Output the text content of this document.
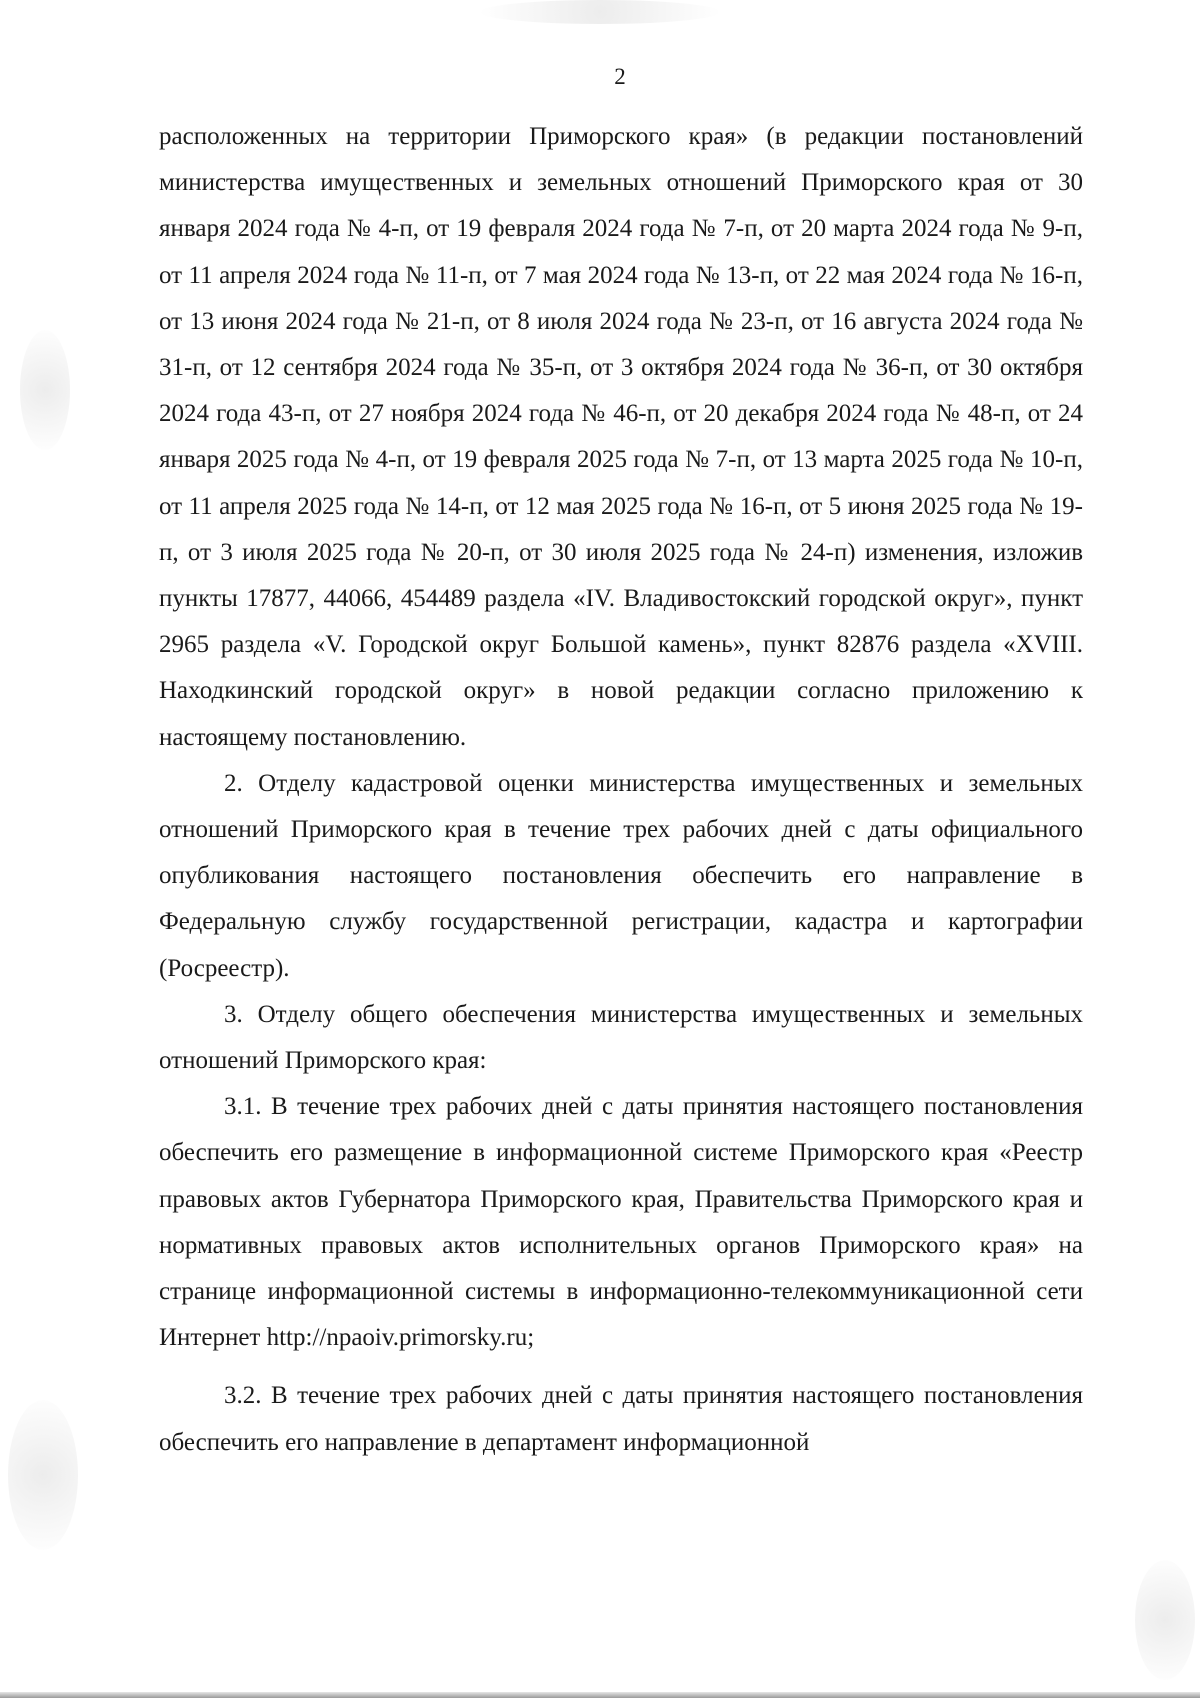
2

расположенных на территории Приморского края» (в редакции постановлений министерства имущественных и земельных отношений Приморского края от 30 января 2024 года № 4-п, от 19 февраля 2024 года № 7-п, от 20 марта 2024 года № 9-п, от 11 апреля 2024 года № 11-п, от 7 мая 2024 года № 13-п, от 22 мая 2024 года № 16-п, от 13 июня 2024 года № 21-п, от 8 июля 2024 года № 23-п, от 16 августа 2024 года № 31-п, от 12 сентября 2024 года № 35-п, от 3 октября 2024 года № 36-п, от 30 октября 2024 года 43-п, от 27 ноября 2024 года № 46-п, от 20 декабря 2024 года № 48-п, от 24 января 2025 года № 4-п, от 19 февраля 2025 года № 7-п, от 13 марта 2025 года № 10-п, от 11 апреля 2025 года № 14-п, от 12 мая 2025 года № 16-п, от 5 июня 2025 года № 19-п, от 3 июля 2025 года № 20-п, от 30 июля 2025 года № 24-п) изменения, изложив пункты 17877, 44066, 454489 раздела «IV. Владивостокский городской округ», пункт 2965 раздела «V. Городской округ Большой камень», пункт 82876 раздела «XVIII. Находкинский городской округ» в новой редакции согласно приложению к настоящему постановлению.

2. Отделу кадастровой оценки министерства имущественных и земельных отношений Приморского края в течение трех рабочих дней с даты официального опубликования настоящего постановления обеспечить его направление в Федеральную службу государственной регистрации, кадастра и картографии (Росреестр).

3. Отделу общего обеспечения министерства имущественных и земельных отношений Приморского края:

3.1. В течение трех рабочих дней с даты принятия настоящего постановления обеспечить его размещение в информационной системе Приморского края «Реестр правовых актов Губернатора Приморского края, Правительства Приморского края и нормативных правовых актов исполнительных органов Приморского края» на странице информационной системы в информационно-телекоммуникационной сети Интернет http://npaoiv.primorsky.ru;

3.2. В течение трех рабочих дней с даты принятия настоящего постановления обеспечить его направление в департамент информационной
